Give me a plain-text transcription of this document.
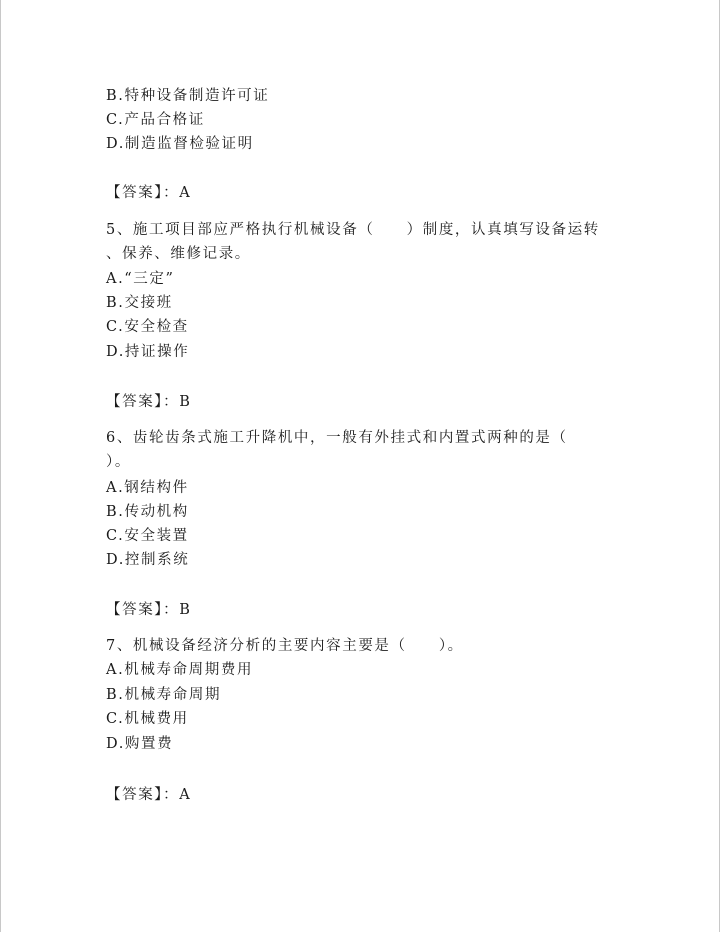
B.特种设备制造许可证
C.产品合格证
D.制造监督检验证明
【答案】：A
5、施工项目部应严格执行机械设备（　　）制度，认真填写设备运转
、保养、维修记录。
A.“三定”
B.交接班
C.安全检查
D.持证操作
【答案】：B
6、齿轮齿条式施工升降机中，一般有外挂式和内置式两种的是（
）。
A.钢结构件
B.传动机构
C.安全装置
D.控制系统
【答案】：B
7、机械设备经济分析的主要内容主要是（　　）。
A.机械寿命周期费用
B.机械寿命周期
C.机械费用
D.购置费
【答案】：A
